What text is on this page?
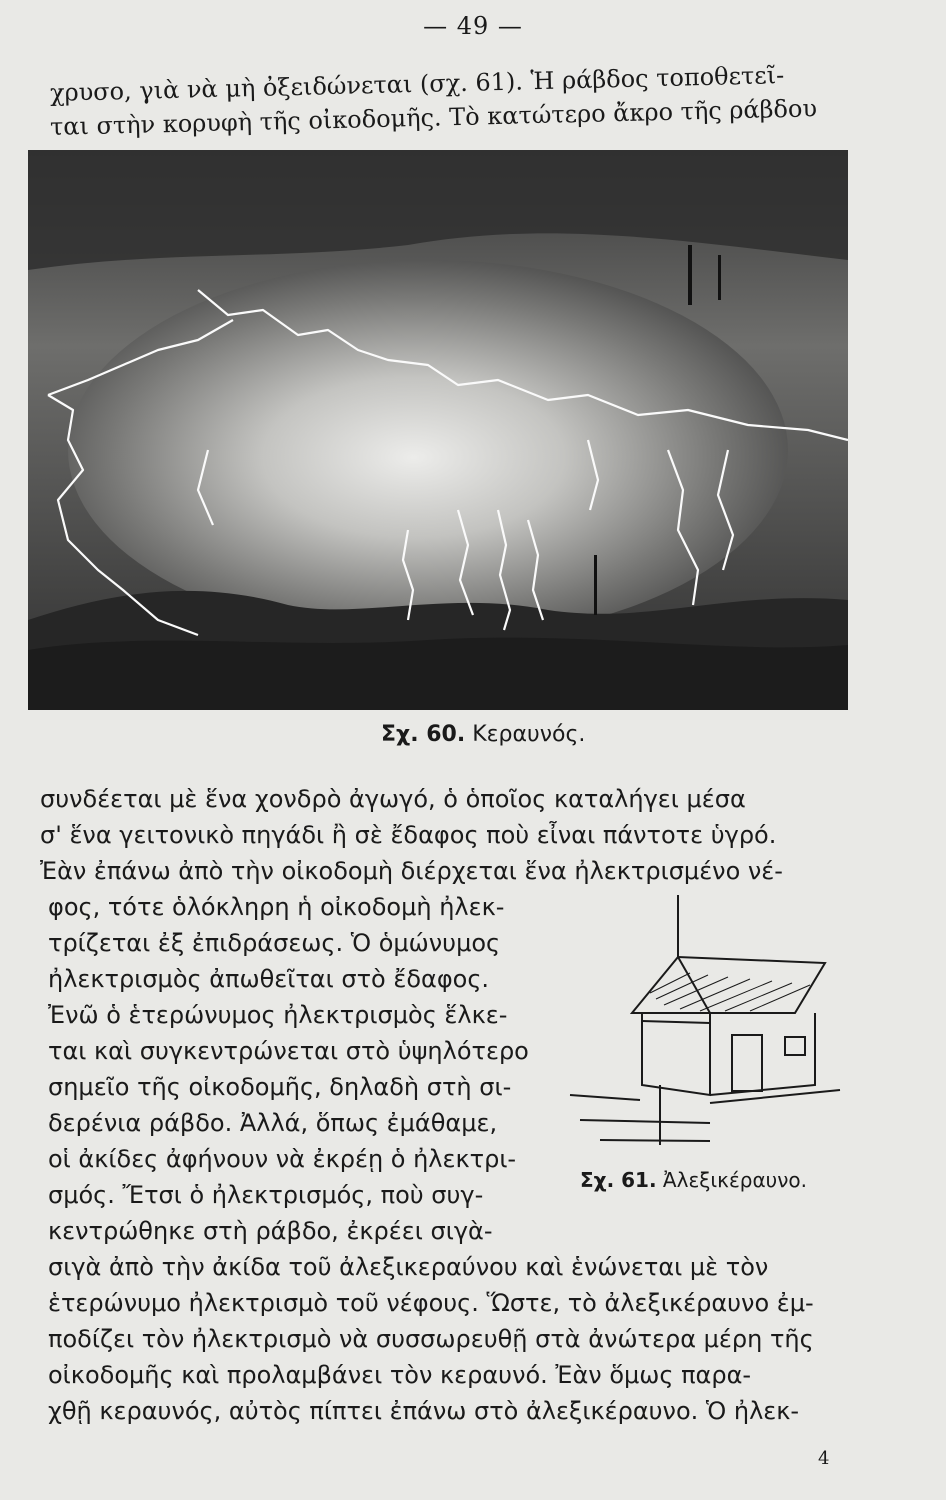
— 49 —
χρυσο, γιὰ νὰ μὴ ὀξειδώνεται (σχ. 61). Ἡ ράβδος τοποθετεῖ-
ται στὴν κορυφὴ τῆς οἰκοδομῆς. Τὸ κατώτερο ἄκρο τῆς ράβδου
Σχ. 60. Κεραυνός.
συνδέεται μὲ ἕνα χονδρὸ ἀγωγό, ὁ ὁποῖος καταλήγει μέσα
σ' ἕνα γειτονικὸ πηγάδι ἢ σὲ ἔδαφος ποὺ εἶναι πάντοτε ὑγρό.
Ἐὰν ἐπάνω ἀπὸ τὴν οἰκοδομὴ διέρχεται ἕνα ἠλεκτρισμένο νέ-
φος, τότε ὁλόκληρη ἡ οἰκοδομὴ ἠλεκ-
τρίζεται ἐξ ἐπιδράσεως. Ὁ ὁμώνυμος
ἠλεκτρισμὸς ἀπωθεῖται στὸ ἔδαφος.
Ἐνῶ ὁ ἑτερώνυμος ἠλεκτρισμὸς ἕλκε-
ται καὶ συγκεντρώνεται στὸ ὑψηλότερο
σημεῖο τῆς οἰκοδομῆς, δηλαδὴ στὴ σι-
δερένια ράβδο. Ἀλλά, ὅπως ἐμάθαμε,
οἱ ἀκίδες ἀφήνουν νὰ ἐκρέῃ ὁ ἠλεκτρι-
σμός. Ἔτσι ὁ ἠλεκτρισμός, ποὺ συγ-
κεντρώθηκε στὴ ράβδο, ἐκρέει σιγὰ-
σιγὰ ἀπὸ τὴν ἀκίδα τοῦ ἀλεξικεραύνου καὶ ἑνώνεται μὲ τὸν
ἑτερώνυμο ἠλεκτρισμὸ τοῦ νέφους. Ὥστε, τὸ ἀλεξικέραυνο ἐμ-
ποδίζει τὸν ἠλεκτρισμὸ νὰ συσσωρευθῇ στὰ ἀνώτερα μέρη τῆς
οἰκοδομῆς καὶ προλαμβάνει τὸν κεραυνό. Ἐὰν ὅμως παρα-
χθῇ κεραυνός, αὐτὸς πίπτει ἐπάνω στὸ ἀλεξικέραυνο. Ὁ ἠλεκ-
Σχ. 61. Ἀλεξικέραυνο.
4
